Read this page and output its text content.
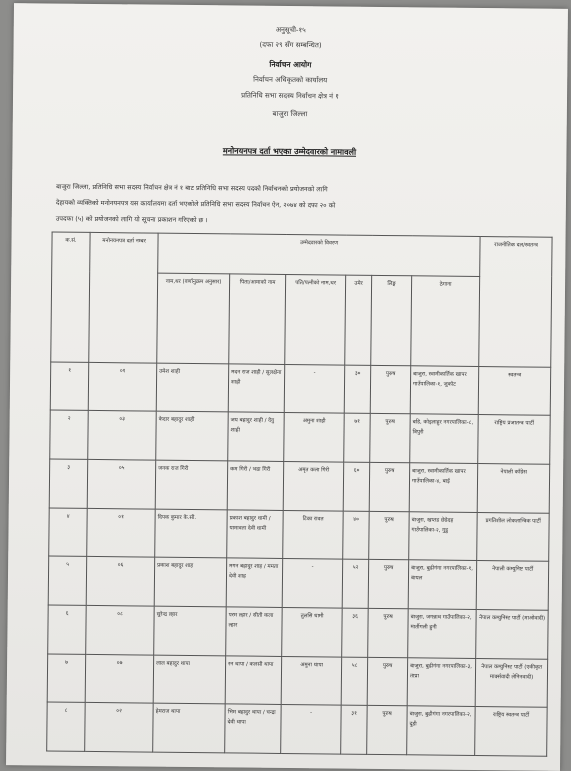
अनुसूची-१५
(दफा २९ सँग सम्बन्धित)
निर्वाचन आयोग
निर्वाचन अधिकृतको कार्यालय
प्रतिनिधि सभा सदस्य निर्वाचन क्षेत्र नं १
बाजुरा जिल्ला
मनोनयनपत्र दर्ता भएका उम्मेदवारको नामावली
बाजुरा जिल्ला, प्रतिनिधि सभा सदस्य निर्वाचन क्षेत्र नं १ बाट प्रतिनिधि सभा सदस्य पदको निर्वाचनको प्रयोजनको लागि
देहायको व्यक्तिको मनोनयनपत्र यस कार्यालयमा दर्ता भएकोले प्रतिनिधि सभा सदस्य निर्वाचन ऐन, २०७४ को दफा २० को
उपदफा (५) को प्रयोजनको लागि यो सूचना प्रकाशन गरिएको छ ।
क.सं.	मनोनयनपत्र दर्ता नम्बर	उम्मेदवारको विवरण						राजनीतिक दल/स्वतन्त्र
		नाम,थर (वर्णानुक्रम अनुसार)	पिता/आमाको नाम	पति/पत्नीको नाम,थर	उमेर	लिङ्ग	ठेगाना	
१	०१	उमेश शाही	मदन राज शाही / सुलक्षेना शाही	-	३०	पुरुष	बाजुरा, स्वामीकार्तिक खापर गाउँपालिका-१, जुकोट	स्वतन्त्र
२	०३	केदार बहादुर शाही	जय बहादुर शाही / देवु शाही	अमुना शाही	७१	पुरुष	बडि, कोइलाहुर नगरपालिका-८, त्रिपुरी	राष्ट्रिय प्रजातन्त्र पार्टी
३	०५	जनक राज गिरी	कम गिरी / भद्रा गिरी	अमृत कला गिरी	६०	पुरुष	बाजुरा, स्वामीकार्तिक खापर गाउँपालिका-४, बाई	नेपाली काँग्रेस
४	०१	दिपक कुमार के.सी.	प्रकाश बहादुर धामी / यामावता देवी धामी	टिका रावत	४०	पुरुष	बाजुरा, खप्तड छेडेदह गाउँपालिका-२, गुडु	प्रगतिशील लोकतान्त्रिक पार्टी
५	०६	प्रकाश बहादुर शाह	मगन बहादुर शाह / ममता देवी शाह	-	५२	पुरुष	बाजुरा, बुढीगंगा नगरपालिका-१, बायल	नेपाली कम्युनिष्ट पार्टी
६	०८	सुरेन्द्र ल्हार	परम ल्हार / सीती कला ल्हार	तुलसि धामी	३६	पुरुष	बाजुरा, जगन्नाथ गाउँपालिका-२, मार्तीगली हुनी	नेपाल कम्युनिस्ट पार्टी (माओवादी)
७	०७	लाल बहादुर थापा	रन थापा / कलसी थापा	अमुना थापा	५८	पुरुष	बाजुरा, बुढीगंगा नगरपालिका-३, ताप्रा	नेपाल कम्युनिस्ट पार्टी (एकीकृत मार्क्सवादी लेनिनवादी)
८	०२	हेमराज थापा	भिम बहादुर थापा / चन्द्रा देवी थापा	-	३१	पुरुष	बाजुरा, बुढीगंगा नगरपालिका-२, दुडी	राष्ट्रिय स्वतन्त्र पार्टी
